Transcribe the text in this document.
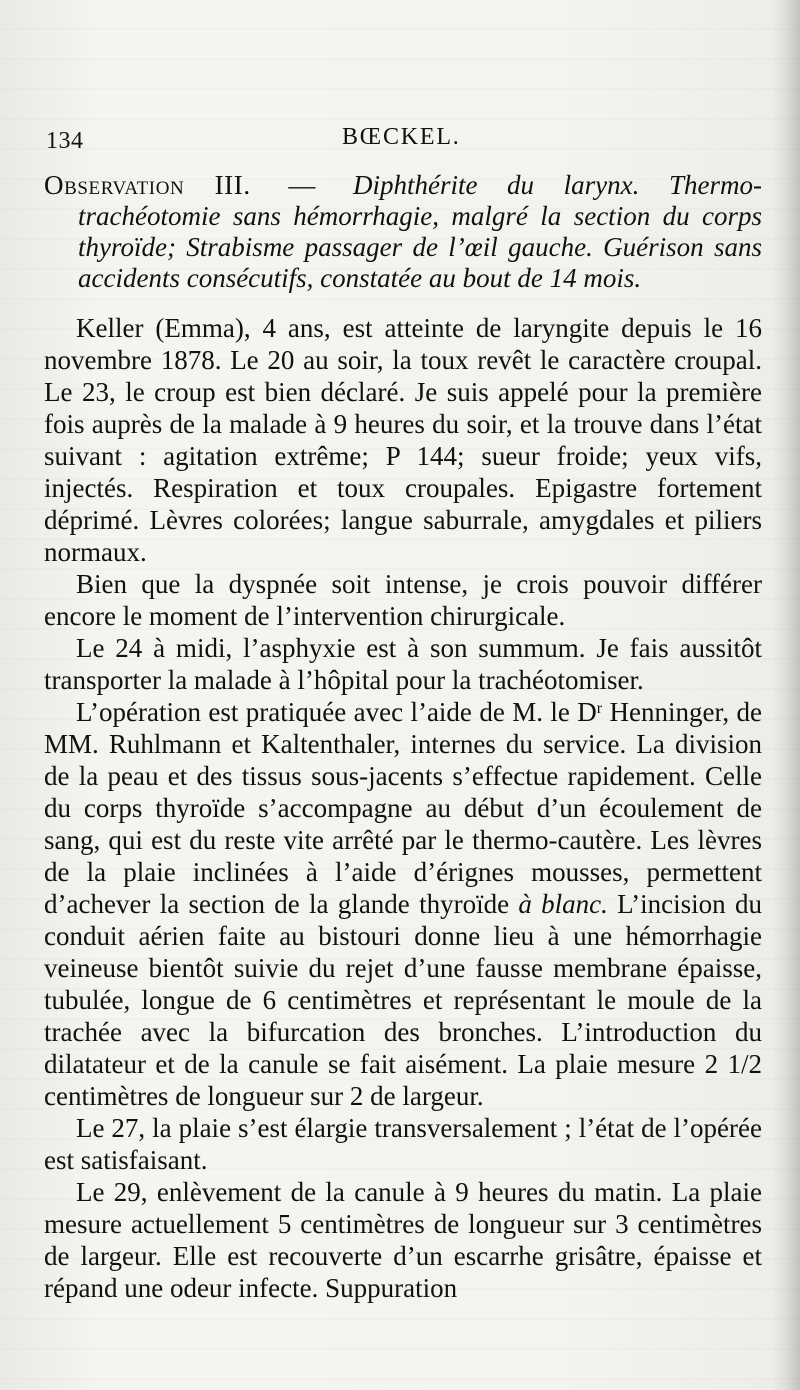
134	BŒCKEL.
Observation III. — Diphthérite du larynx. Thermo-trachéotomie sans hémorrhagie, malgré la section du corps thyroïde; Strabisme passager de l’œil gauche. Guérison sans accidents consécutifs, constatée au bout de 14 mois.

Keller (Emma), 4 ans, est atteinte de laryngite depuis le 16 novembre 1878. Le 20 au soir, la toux revêt le caractère croupal. Le 23, le croup est bien déclaré. Je suis appelé pour la première fois auprès de la malade à 9 heures du soir, et la trouve dans l’état suivant : agitation extrême; P 144; sueur froide; yeux vifs, injectés. Respiration et toux croupales. Epigastre fortement déprimé. Lèvres colorées; langue saburrale, amygdales et piliers normaux.

Bien que la dyspnée soit intense, je crois pouvoir différer encore le moment de l’intervention chirurgicale.

Le 24 à midi, l’asphyxie est à son summum. Je fais aussitôt transporter la malade à l’hôpital pour la trachéotomiser.

L’opération est pratiquée avec l’aide de M. le $D^r$ Henninger, de MM. Ruhlmann et Kaltenthaler, internes du service. La division de la peau et des tissus sous-jacents s’effectue rapidement. Celle du corps thyroïde s’accompagne au début d’un écoulement de sang, qui est du reste vite arrêté par le thermo-cautère. Les lèvres de la plaie inclinées à l’aide d’érignes mousses, permettent d’achever la section de la glande thyroïde à blanc. L’incision du conduit aérien faite au bistouri donne lieu à une hémorrhagie veineuse bientôt suivie du rejet d’une fausse membrane épaisse, tubulée, longue de 6 centimètres et représentant le moule de la trachée avec la bifurcation des bronches. L’introduction du dilatateur et de la canule se fait aisément. La plaie mesure 2 1/2 centimètres de longueur sur 2 de largeur.

Le 27, la plaie s’est élargie transversalement ; l’état de l’opérée est satisfaisant.

Le 29, enlèvement de la canule à 9 heures du matin. La plaie mesure actuellement 5 centimètres de longueur sur 3 centimètres de largeur. Elle est recouverte d’un escarrhe grisâtre, épaisse et répand une odeur infecte. Suppuration
